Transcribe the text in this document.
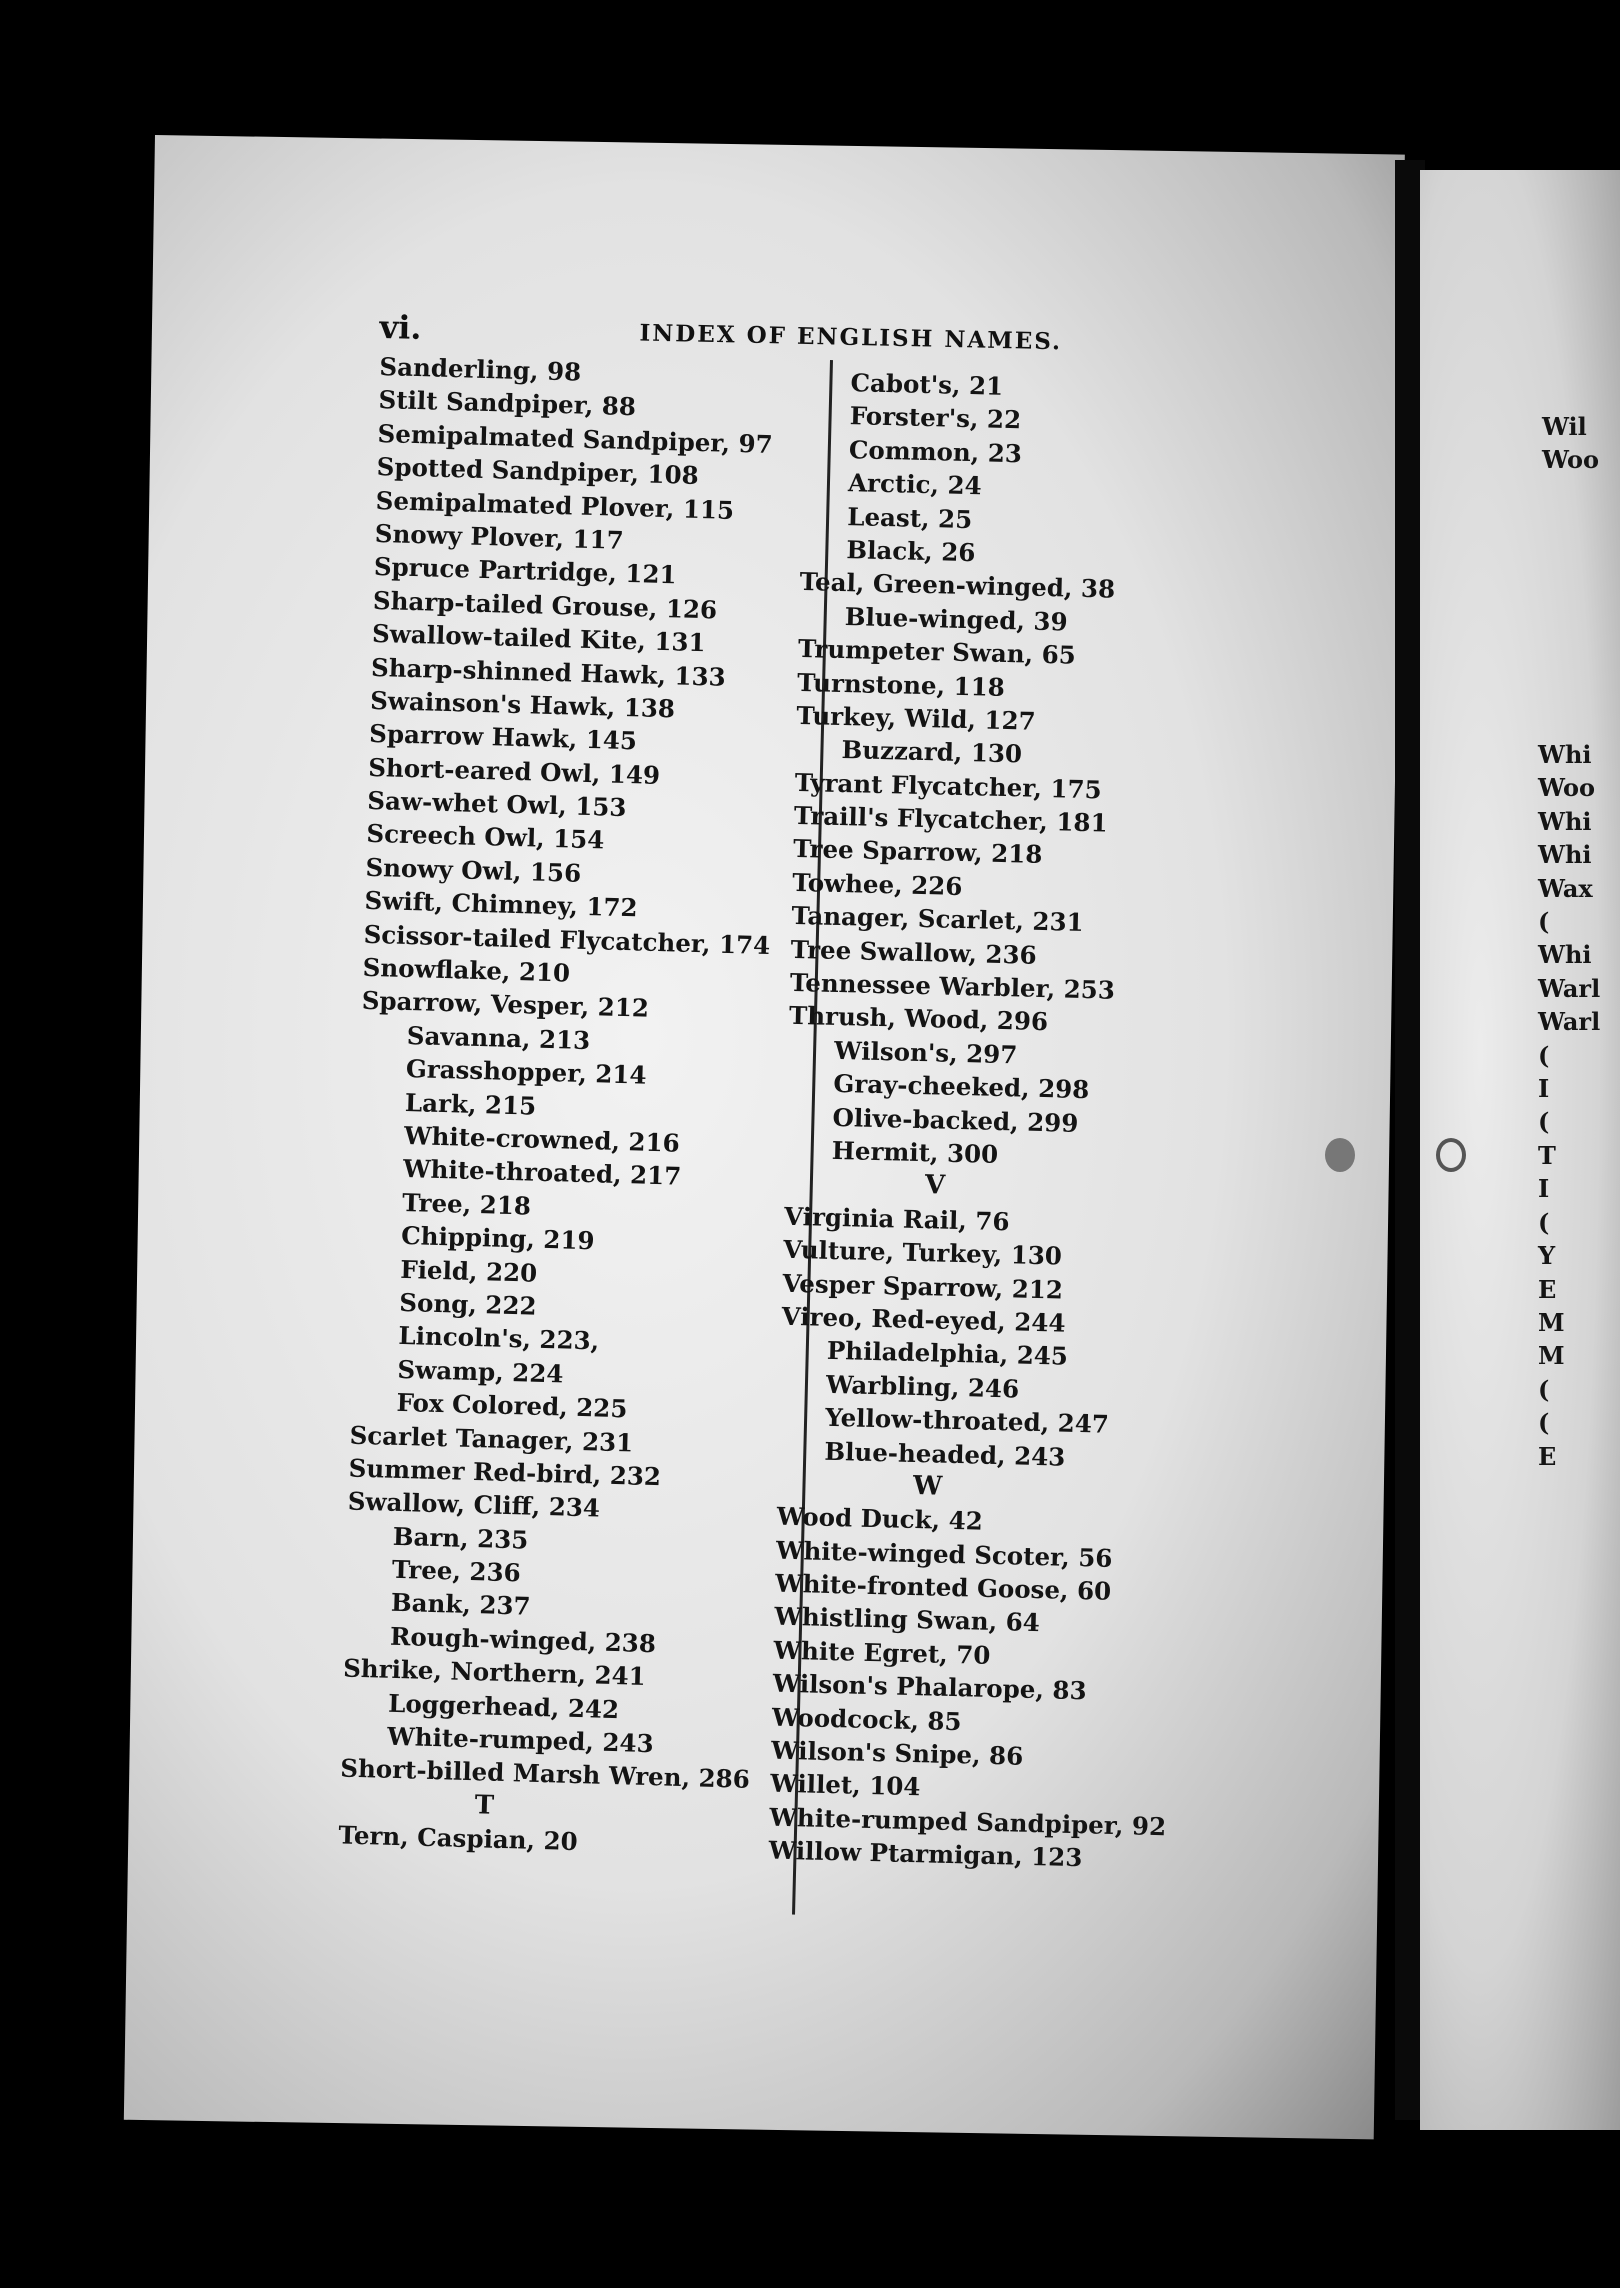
vi.	INDEX OF ENGLISH NAMES.
Sanderling, 98
Stilt Sandpiper, 88
Semipalmated Sandpiper, 97
Spotted Sandpiper, 108
Semipalmated Plover, 115
Snowy Plover, 117
Spruce Partridge, 121
Sharp-tailed Grouse, 126
Swallow-tailed Kite, 131
Sharp-shinned Hawk, 133
Swainson's Hawk, 138
Sparrow Hawk, 145
Short-eared Owl, 149
Saw-whet Owl, 153
Screech Owl, 154
Snowy Owl, 156
Swift, Chimney, 172
Scissor-tailed Flycatcher, 174
Snowflake, 210
Sparrow, Vesper, 212
Savanna, 213
Grasshopper, 214
Lark, 215
White-crowned, 216
White-throated, 217
Tree, 218
Chipping, 219
Field, 220
Song, 222
Lincoln's, 223,
Swamp, 224
Fox Colored, 225
Scarlet Tanager, 231
Summer Red-bird, 232
Swallow, Cliff, 234
Barn, 235
Tree, 236
Bank, 237
Rough-winged, 238
Shrike, Northern, 241
Loggerhead, 242
White-rumped, 243
Short-billed Marsh Wren, 286
T
Tern, Caspian, 20
Cabot's, 21
Forster's, 22
Common, 23
Arctic, 24
Least, 25
Black, 26
Teal, Green-winged, 38
Blue-winged, 39
Trumpeter Swan, 65
Turnstone, 118
Turkey, Wild, 127
Buzzard, 130
Tyrant Flycatcher, 175
Traill's Flycatcher, 181
Tree Sparrow, 218
Towhee, 226
Tanager, Scarlet, 231
Tree Swallow, 236
Tennessee Warbler, 253
Thrush, Wood, 296
Wilson's, 297
Gray-cheeked, 298
Olive-backed, 299
Hermit, 300
V
Virginia Rail, 76
Vulture, Turkey, 130
Vesper Sparrow, 212
Vireo, Red-eyed, 244
Philadelphia, 245
Warbling, 246
Yellow-throated, 247
Blue-headed, 243
W
Wood Duck, 42
White-winged Scoter, 56
White-fronted Goose, 60
Whistling Swan, 64
White Egret, 70
Wilson's Phalarope, 83
Woodcock, 85
Wilson's Snipe, 86
Willet, 104
White-rumped Sandpiper, 92
Willow Ptarmigan, 123
Wil
Woo
Whi
Woo
Whi
Whi
Wax
(
Whi
Warl
Warl
(
I
(
T
I
(
Y
E
M
M
(
(
E
